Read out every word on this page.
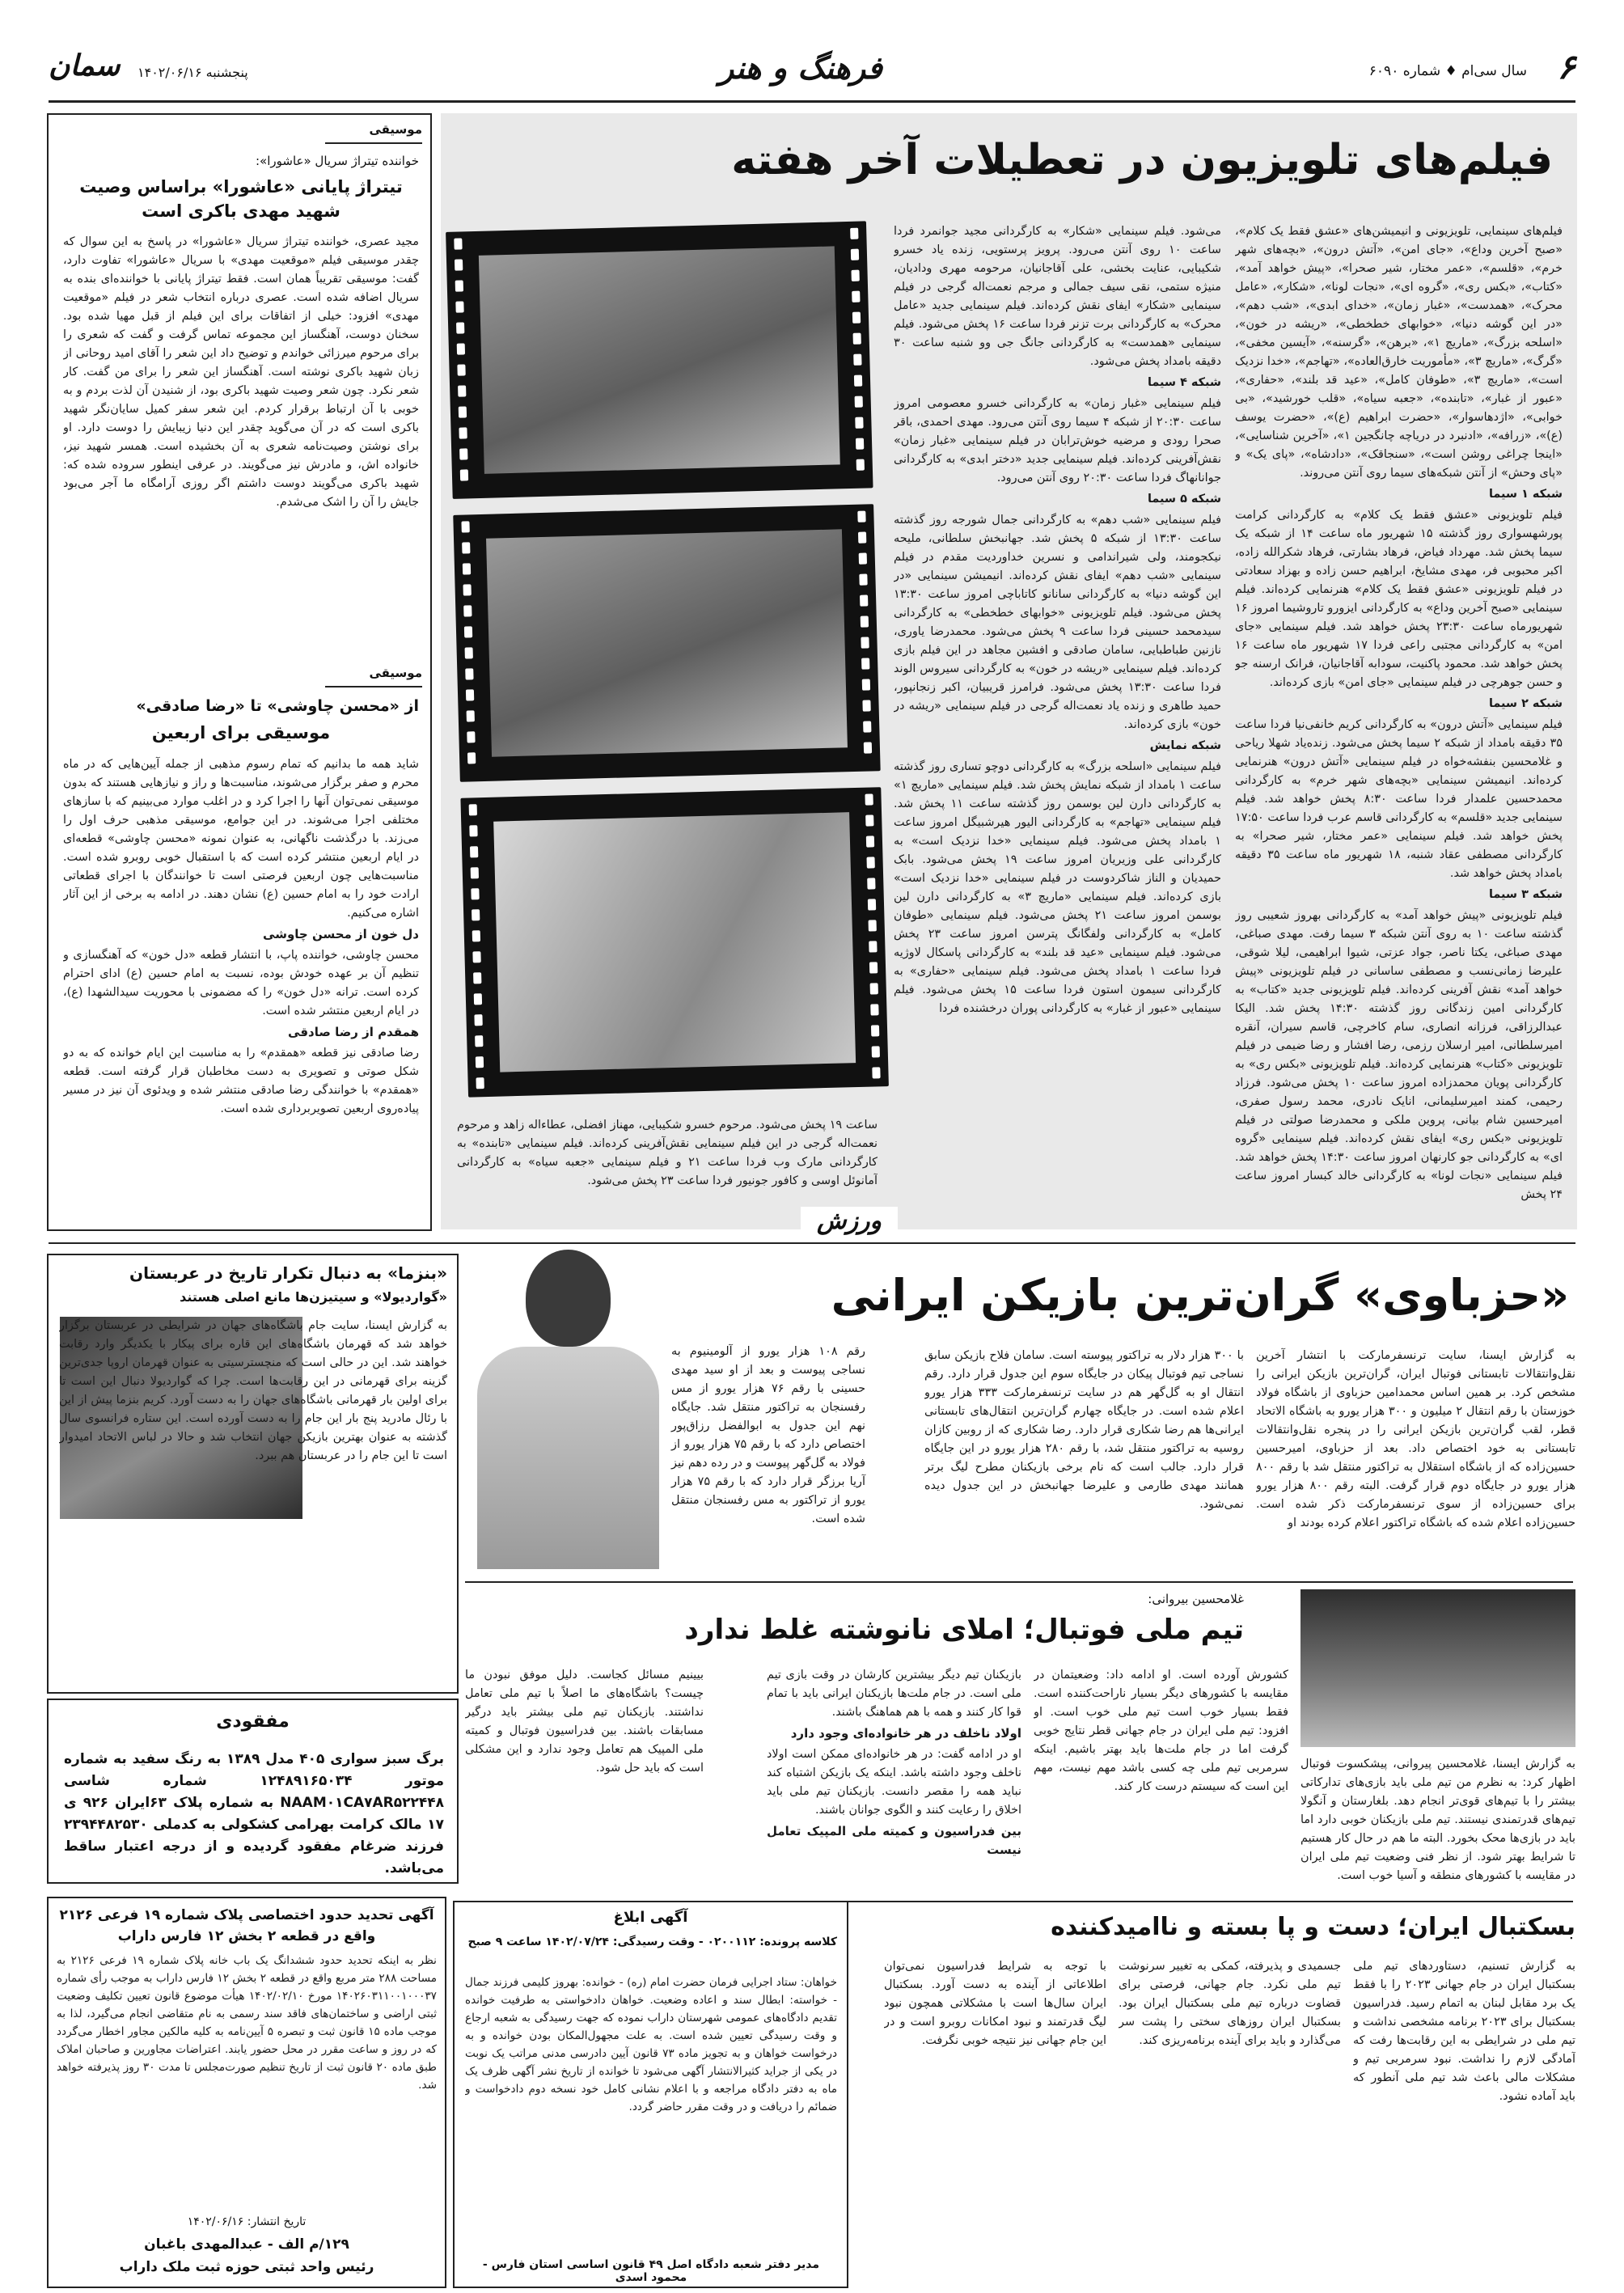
۶
سال سی‌ام ♦ شماره ۶۰۹۰
فرهنگ و هنر
پنجشنبه ۱۴۰۲/۰۶/۱۶
سمان
فیلم‌های تلویزیون در تعطیلات آخر هفته

فیلم‌های سینمایی، تلویزیونی و انیمیشن‌های «عشق فقط یک کلام»، «صبح آخرین وداع»، «جای امن»، «آتش درون»، «بچه‌های شهر خرم»، «قلسم»، «عمر مختار، شیر صحرا»، «پیش خواهد آمد»، «کتاب»، «بکس ری»، «گروه ای»، «نجات لونا»، «شکار»، «عامل محرک»، «همدست»، «غبار زمان»، «خدای ابدی»، «شب دهم»، «در این گوشه دنیا»، «خوابهای خطخطی»، «ریشه در خون»، «اسلحه بزرگ»، «ماریچ ۱»، «برهن»، «گرسنه»، «آیسین مخفی»، «گرگ»، «ماریچ ۳»، «مأموریت خارق‌العاده»، «تهاجم»، «خدا نزدیک است»، «ماریچ ۳»، «طوفان کامل»، «عید قد بلند»، «حفاری»، «عبور از غبار»، «تابنده»، «جعبه سیاه»، «قلب خورشید»، «بی خوابی»، «اژدهاسوار»، «حضرت ابراهیم (ع)»، «حضرت یوسف (ع)»، «زرافه»، «ادنبرد در دریاچه چانگجین ۱»، «آخرین شناسایی»، «اینجا چراغی روشن است»، «سنجاقک»، «دادشاه»، «پای یک» و «پای وحش» از آنتن شبکه‌های سیما روی آنتن می‌روند.

شبکه ۱ سیما

فیلم تلویزیونی «عشق فقط یک کلام» به کارگردانی کرامت پورشهسواری روز گذشته ۱۵ شهریور ماه ساعت ۱۴ از شبکه یک سیما پخش شد. مهرداد فیاض، فرهاد بشارتی، فرهاد شکرالله زاده، اکبر محبوبی فر، مهدی مشایخ، ابراهیم حسن زاده و بهزاد سعادتی در فیلم تلویزیونی «عشق فقط یک کلام» هنرنمایی کرده‌اند. فیلم سینمایی «صبح آخرین وداع» به کارگردانی ایزورو تاروشیما امروز ۱۶ شهریورماه ساعت ۲۳:۳۰ پخش خواهد شد. فیلم سینمایی «جای امن» به کارگردانی مجتبی راعی فردا ۱۷ شهریور ماه ساعت ۱۶ پخش خواهد شد. محمود پاکنیت، سودابه آقاجانیان، فرانک ارسنه جو و حسن جوهرچی در فیلم سینمایی «جای امن» بازی کرده‌اند.

شبکه ۲ سیما

فیلم سینمایی «آتش درون» به کارگردانی کریم خانفی‌نیا فردا ساعت ۳۵ دقیقه بامداد از شبکه ۲ سیما پخش می‌شود. زنده‌یاد شهلا ریاحی و غلامحسین بنفشه‌خواه در فیلم سینمایی «آتش درون» هنرنمایی کرده‌اند. انیمیشن سینمایی «بچه‌های شهر خرم» به کارگردانی محمدحسین علمدار فردا ساعت ۸:۳۰ پخش خواهد شد. فیلم سینمایی جدید «قلسم» به کارگردانی قاسم عرب فردا ساعت ۱۷:۵۰ پخش خواهد شد. فیلم سینمایی «عمر مختار، شیر صحرا» به کارگردانی مصطفی عقاد شنبه، ۱۸ شهریور ماه ساعت ۳۵ دقیقه بامداد پخش خواهد شد.

شبکه ۳ سیما

فیلم تلویزیونی «پیش خواهد آمد» به کارگردانی بهروز شعیبی روز گذشته ساعت ۱۰ به روی آنتن شبکه ۳ سیما رفت. مهدی صباغی، مهدی صباغی، یکتا ناصر، جواد عزتی، شیوا ابراهیمی، لیلا شوقی، علیرضا زمانی‌نسب و مصطفی ساسانی در فیلم تلویزیونی «پیش خواهد آمد» نقش آفرینی کرده‌اند. فیلم تلویزیونی جدید «کتاب» به کارگردانی امین زندگانی روز گذشته ۱۴:۳۰ پخش شد. الیکا عبدالرزاقی، فرزانه انصاری، سام کاخرچی، قاسم سیران، آنقره امیرسلطانی، امیر ارسلان رزمی، رضا افشار و رضا ضیمی در فیلم تلویزیونی «کتاب» هنرنمایی کرده‌اند. فیلم تلویزیونی «بکس ری» به کارگردانی پویان محمدزاده امروز ساعت ۱۰ پخش می‌شود. فرزاد رحیمی، کمند امیرسلیمانی، انایک نادری، محمد رسول صفری، امیرحسین شام بیانی، پروین ملکی و محمدرضا صولتی در فیلم تلویزیونی «بکس ری» ایفای نقش کرده‌اند. فیلم سینمایی «گروه ای» به کارگردانی جو کارنهان امروز ساعت ۱۴:۳۰ پخش خواهد شد. فیلم سینمایی «نجات لونا» به کارگردانی خالد کبسار امروز ساعت ۲۴ پخش

می‌شود. فیلم سینمایی «شکار» به کارگردانی مجید جوانمرد فردا ساعت ۱۰ روی آنتن می‌رود. پرویز پرستویی، زنده یاد خسرو شکیبایی، عنایت بخشی، علی آقاجانیان، مرحومه مهری ودادیان، منیژه ستمی، نقی سیف جمالی و مرجم نعمت‌اله گرجی در فیلم سینمایی «شکار» ایفای نقش کرده‌اند. فیلم سینمایی جدید «عامل محرک» به کارگردانی برت تزنر فردا ساعت ۱۶ پخش می‌شود. فیلم سینمایی «همدست» به کارگردانی جانگ جی وو شنبه ساعت ۳۰ دقیقه بامداد پخش می‌شود.

شبکه ۴ سیما

فیلم سینمایی «غبار زمان» به کارگردانی خسرو معصومی امروز ساعت ۲۰:۳۰ از شبکه ۴ سیما روی آنتن می‌رود. مهدی احمدی، باقر صحرا رودی و مرضیه خوش‌ترابان در فیلم سینمایی «غبار زمان» نقش‌آفرینی کرده‌اند. فیلم سینمایی جدید «دختر ابدی» به کارگردانی جوانانهاگ فردا ساعت ۲۰:۳۰ روی آنتن می‌رود.

شبکه ۵ سیما

فیلم سینمایی «شب دهم» به کارگردانی جمال شورجه روز گذشته ساعت ۱۳:۳۰ از شبکه ۵ پخش شد. جهانبخش سلطانی، ملیحه نیکجومند، ولی شیراندامی و نسرین خداوردیت مقدم در فیلم سینمایی «شب دهم» ایفای نقش کرده‌اند. انیمیشن سینمایی «در این گوشه دنیا» به کارگردانی سانانو کاتاباچی امروز ساعت ۱۳:۳۰ پخش می‌شود. فیلم تلویزیونی «خوابهای خطخطی» به کارگردانی سیدمحمد حسینی فردا ساعت ۹ پخش می‌شود. محمدرضا یاوری، نازنین طباطبایی، سامان صادقی و افشین مجاهد در این فیلم بازی کرده‌اند. فیلم سینمایی «ریشه در خون» به کارگردانی سیروس الوند فردا ساعت ۱۳:۳۰ پخش می‌شود. فرامرز قریبیان، اکبر زنجانپور، حمید طاهری و زنده یاد نعمت‌اله گرجی در فیلم سینمایی «ریشه در خون» بازی کرده‌اند.

شبکه نمایش

فیلم سینمایی «اسلحه بزرگ» به کارگردانی دوچو تساری روز گذشته ساعت ۱ بامداد از شبکه نمایش پخش شد. فیلم سینمایی «ماریچ ۱» به کارگردانی دارن لین بوسمن روز گذشته ساعت ۱۱ پخش شد. فیلم سینمایی «تهاجم» به کارگردانی الیور هیرشبیگل امروز ساعت ۱ بامداد پخش می‌شود. فیلم سینمایی «خدا نزدیک است» به کارگردانی علی وزیریان امروز ساعت ۱۹ پخش می‌شود. بابک حمیدیان و الناز شاکردوست در فیلم سینمایی «خدا نزدیک است» بازی کرده‌اند. فیلم سینمایی «ماریچ ۳» به کارگردانی دارن لین بوسمن امروز ساعت ۲۱ پخش می‌شود. فیلم سینمایی «طوفان کامل» به کارگردانی ولفگانگ پترسن امروز ساعت ۲۳ پخش می‌شود. فیلم سینمایی «عید قد بلند» به کارگردانی پاسکال لاوژیه فردا ساعت ۱ بامداد پخش می‌شود. فیلم سینمایی «حفاری» به کارگردانی سیمون استون فردا ساعت ۱۵ پخش می‌شود. فیلم سینمایی «عبور از غبار» به کارگردانی پوران درخشنده فردا

ساعت ۱۹ پخش می‌شود. مرحوم خسرو شکیبایی، مهناز افضلی، عطاءاله زاهد و مرحوم نعمت‌اله گرجی در این فیلم سینمایی نقش‌آفرینی کرده‌اند. فیلم سینمایی «تابنده» به کارگردانی مارک وب فردا ساعت ۲۱ و فیلم سینمایی «جعبه سیاه» به کارگردانی آمانوئل اوسی و کافور جونیور فردا ساعت ۲۳ پخش می‌شود.

موسیقی
خواننده تیتراژ سریال «عاشورا»:
تیتراژ پایانی «عاشورا» براساس وصیت شهید مهدی باکری است
مجید عصری، خواننده تیتراژ سریال «عاشورا» در پاسخ به این سوال که چقدر موسیقی فیلم «موقعیت مهدی» با سریال «عاشورا» تفاوت دارد، گفت: موسیقی تقریباً همان است. فقط تیتراژ پایانی با خواننده‌ای بنده به سریال اضافه شده است. عصری درباره انتخاب شعر در فیلم «موقعیت مهدی» افزود: خیلی از اتفاقات برای این فیلم از قبل مهیا شده بود. سخنان دوست، آهنگساز این مجموعه تماس گرفت و گفت که شعری را برای مرحوم میرزائی خواندم و توضیح داد این شعر را آقای امید روحانی از زبان شهید باکری نوشته است. آهنگساز این شعر را برای من گفت. کار شعر نکرد. چون شعر وصیت شهید باکری بود، از شنیدن آن لذت بردم و به خوبی با آن ارتباط برقرار کردم. این شعر سفر کمیل سایان‌نگر شهید باکری است که در آن می‌گوید چقدر این دنیا زیبایش را دوست دارد. او برای نوشتن وصیت‌نامه شعری به آن بخشیده است. همسر شهید نیز، خانواده اش، و مادرش نیز می‌گویند. در عرفی اینطور سروده شده که: شهید باکری می‌گویند دوست داشتم اگر روزی آرامگاه ما آجر می‌بود جایش را آن را اشک می‌شدم.
موسیقی
از «محسن چاوشی» تا «رضا صادقی»
موسیقی برای اربعین

شاید همه ما بدانیم که تمام رسوم مذهبی از جمله آیین‌هایی که در ماه محرم و صفر برگزار می‌شوند، مناسبت‌ها و راز و نیازهایی هستند که بدون موسیقی نمی‌توان آنها را اجرا کرد و در اغلب موارد می‌بینیم که با سازهای مختلفی اجرا می‌شوند. در این جوامع، موسیقی مذهبی حرف اول را می‌زند. با درگذشت ناگهانی، به عنوان نمونه «محسن چاوشی» قطعه‌ای در ایام اربعین منتشر کرده است که با استقبال خوبی روبرو شده است. مناسبت‌هایی چون اربعین فرصتی است تا خوانندگان با اجرای قطعاتی ارادت خود را به امام حسین (ع) نشان دهند. در ادامه به برخی از این آثار اشاره می‌کنیم.

دل خون از محسن چاوشی

محسن چاوشی، خواننده پاپ، با انتشار قطعه «دل خون» که آهنگسازی و تنظیم آن بر عهده خودش بوده، نسبت به امام حسین (ع) ادای احترام کرده است. ترانه «دل خون» را که مضمونی با محوریت سیدالشهدا (ع)، در ایام اربعین منتشر شده است.

همقدم از رضا صادقی

رضا صادقی نیز قطعه «همقدم» را به مناسبت این ایام خوانده که به دو شکل صوتی و تصویری به دست مخاطبان قرار گرفته است. قطعه «همقدم» با خوانندگی رضا صادقی منتشر شده و ویدئوی آن نیز در مسیر پیاده‌روی اربعین تصویربرداری شده است.

ورزش
«حزباوی» گران‌ترین بازیکن ایرانی
به گزارش ایسنا، سایت ترنسفرمارکت با انتشار آخرین نقل‌وانتقالات تابستانی فوتبال ایران، گران‌ترین بازیکن ایرانی را مشخص کرد. بر همین اساس محمدامین حزباوی از باشگاه فولاد خوزستان با رقم انتقال ۲ میلیون و ۳۰۰ هزار یورو به باشگاه الاتحاد قطر، لقب گران‌ترین بازیکن ایرانی را در پنجره نقل‌وانتقالات تابستانی به خود اختصاص داد. بعد از حزباوی، امیرحسین حسین‌زاده که از باشگاه استقلال به تراکتور منتقل شد با رقم ۸۰۰ هزار یورو در جایگاه دوم قرار گرفت. البته رقم ۸۰۰ هزار یورو برای حسین‌زاده از سوی ترنسفرمارکت ذکر شده است. حسین‌زاده اعلام شده که باشگاه تراکتور اعلام کرده بودند او
با ۳۰۰ هزار دلار به تراکتور پیوسته است. سامان فلاح بازیکن سابق نساجی تیم فوتبال پیکان در جایگاه سوم این جدول قرار دارد. رقم انتقال او به گل‌گهر هم در سایت ترنسفرمارکت ۳۳۳ هزار یورو اعلام شده است. در جایگاه چهارم گران‌ترین انتقال‌های تابستانی ایرانی‌ها هم رضا شکاری قرار دارد. رضا شکاری که از روبین کازان روسیه به تراکتور منتقل شد، با رقم ۲۸۰ هزار یورو در این جایگاه قرار دارد. جالب است که نام برخی بازیکنان مطرح لیگ برتر همانند مهدی طارمی و علیرضا جهانبخش در این جدول دیده نمی‌شود.
رقم ۱۰۸ هزار یورو از آلومینیوم به نساجی پیوست و بعد از او سید مهدی حسینی با رقم ۷۶ هزار یورو از مس رفسنجان به تراکتور منتقل شد. جایگاه نهم این جدول به ابوالفضل رزاق‌پور اختصاص دارد که با رقم ۷۵ هزار یورو از فولاد به گل‌گهر پیوست و در رده دهم نیز آریا برزگر قرار دارد که با رقم ۷۵ هزار یورو از تراکتور به مس رفسنجان منتقل شده است.
«بنزما» به دنبال تکرار تاریخ در عربستان
«گواردیولا» و سیتیزن‌ها مانع اصلی هستند
به گزارش ایسنا، سایت جام باشگاه‌های جهان در شرایطی در عربستان برگزار خواهد شد که قهرمان باشگاه‌های این قاره برای پیکار با یکدیگر وارد رقابت خواهند شد. این در حالی است که منچسترسیتی به عنوان قهرمان اروپا جدی‌ترین گزینه برای قهرمانی در این رقابت‌ها است. چرا که گواردیولا دنبال این است تا برای اولین بار قهرمانی باشگاه‌های جهان را به دست آورد. کریم بنزما پیش از این با رئال مادرید پنج بار این جام را به دست آورده است. این ستاره فرانسوی سال گذشته به عنوان بهترین بازیکن جهان انتخاب شد و حالا در لباس الاتحاد امیدوار است تا این جام را در عربستان هم ببرد.
مفقودی
برگ سبز سواری ۴۰۵ مدل ۱۳۸۹ به رنگ سفید به شماره موتور ۱۲۴۸۹۱۶۵۰۳۴ شماره شاسی NAAM۰۱CA۷AR۵۲۲۴۴۸ به شماره پلاک ۶۳ایران ۹۲۶ ی ۱۷ مالک کرامت بهرامی کشکولی به کدملی ۲۳۹۴۴۸۲۵۳۰ فرزند ضرغام مفقود گردیده و از درجه اعتبار ساقط می‌باشد.
غلامحسین بیروانی:
تیم ملی فوتبال؛ املای نانوشته غلط ندارد
به گزارش ایسنا، غلامحسین پیروانی، پیشکسوت فوتبال اظهار کرد: به نظرم من تیم ملی باید بازی‌های تدارکاتی بیشتر را با تیم‌های قوی‌تر انجام دهد. بلغارستان و آنگولا تیم‌های قدرتمندی نیستند. تیم ملی بازیکنان خوبی دارد اما باید در بازی‌ها محک بخورد. البته ما هم در حال کار هستیم تا شرایط بهتر شود. از نظر فنی وضعیت تیم ملی ایران در مقایسه با کشورهای منطقه و آسیا خوب است.
کشورش آورده است. او ادامه داد: وضعیتمان در مقایسه با کشورهای دیگر بسیار ناراحت‌کننده است. فقط بسیار خوب است تیم ملی خوب است. او افزود: تیم ملی ایران در جام جهانی قطر نتایج خوبی گرفت اما در جام ملت‌ها باید بهتر باشیم. اینکه سرمربی تیم ملی چه کسی باشد مهم نیست، مهم این است که سیستم درست کار کند.

بازیکنان تیم دیگر بیشترین کارشان در وقت بازی تیم ملی است. در جام ملت‌ها بازیکنان ایرانی باید با تمام قوا کار کنند و همه با هم هماهنگ باشند.

اولاد ناخلف در هر خانواده‌ای وجود دارد

او در ادامه گفت: در هر خانواده‌ای ممکن است اولاد ناخلف وجود داشته باشد. اینکه یک بازیکن اشتباه کند نباید همه را مقصر دانست. بازیکنان تیم ملی باید اخلاق را رعایت کنند و الگوی جوانان باشند.

بین فدراسیون و کمیته ملی المپیک تعامل نیست

بیینیم مسائل کجاست. دلیل موفق نبودن ما چیست؟ باشگاه‌های ما اصلاً با تیم ملی تعامل نداشتند. بازیکنان تیم ملی بیشتر باید درگیر مسابقات باشند. بین فدراسیون فوتبال و کمیته ملی المپیک هم تعامل وجود ندارد و این مشکلی است که باید حل شود.
بسکتبال ایران؛ دست و پا بسته و ناامیدکننده
به گزارش تسنیم، دستاوردهای تیم ملی بسکتبال ایران در جام جهانی ۲۰۲۳ را با فقط یک برد مقابل لبنان به اتمام رسید. فدراسیون بسکتبال برای ۲۰۲۳ برنامه مشخصی نداشت و تیم ملی در شرایطی به این رقابت‌ها رفت که آمادگی لازم را نداشت. نبود سرمربی تیم و مشکلات مالی باعث شد تیم ملی آنطور که باید آماده نشود.
جسمیدی و پذیرفته، کمکی به تغییر سرنوشت تیم ملی نکرد. جام جهانی، فرصتی برای قضاوت درباره تیم ملی بسکتبال ایران بود. بسکتبال ایران روزهای سختی را پشت سر می‌گذارد و باید برای آینده برنامه‌ریزی کند.
با توجه به شرایط فدراسیون نمی‌توان اطلاعاتی از آینده به دست آورد. بسکتبال ایران سال‌ها است با مشکلاتی همچون نبود لیگ قدرتمند و نبود امکانات روبرو است و در این جام جهانی نیز نتیجه خوبی نگرفت.
آگهی ابلاغ
کلاسه پرونده: ۰۲۰۰۱۱۲ - وقت رسیدگی: ۱۴۰۲/۰۷/۲۴ ساعت ۹ صبح
خواهان: ستاد اجرایی فرمان حضرت امام (ره) - خوانده: بهروز کلیمی فرزند جمال - خواسته: ابطال سند و اعاده وضعیت. خواهان دادخواستی به طرفیت خوانده تقدیم دادگاه‌های عمومی شهرستان داراب نموده که جهت رسیدگی به شعبه ارجاع و وقت رسیدگی تعیین شده است. به علت مجهول‌المکان بودن خوانده و به درخواست خواهان و به تجویز ماده ۷۳ قانون آیین دادرسی مدنی مراتب یک نوبت در یکی از جراید کثیرالانتشار آگهی می‌شود تا خوانده از تاریخ نشر آگهی ظرف یک ماه به دفتر دادگاه مراجعه و با اعلام نشانی کامل خود نسخه دوم دادخواست و ضمائم را دریافت و در وقت مقرر حاضر گردد.
مدیر دفتر شعبه دادگاه اصل ۴۹ قانون اساسی استان فارس - محمود اسدی
آگهی تحدید حدود اختصاصی پلاک شماره ۱۹ فرعی ۲۱۲۶ واقع در قطعه ۲ بخش ۱۲ فارس داراب
نظر به اینکه تحدید حدود ششدانگ یک باب خانه پلاک شماره ۱۹ فرعی ۲۱۲۶ به مساحت ۲۸۸ متر مربع واقع در قطعه ۲ بخش ۱۲ فارس داراب به موجب رأی شماره ۱۴۰۲۶۰۳۱۱۰۰۱۰۰۰۳۷ مورخ ۱۴۰۲/۰۲/۱۰ هیأت موضوع قانون تعیین تکلیف وضعیت ثبتی اراضی و ساختمان‌های فاقد سند رسمی به نام متقاضی انجام می‌گیرد، لذا به موجب ماده ۱۵ قانون ثبت و تبصره ۵ آیین‌نامه به کلیه مالکین مجاور اخطار می‌گردد که در روز و ساعت مقرر در محل حضور یابند. اعتراضات مجاورین و صاحبان املاک طبق ماده ۲۰ قانون ثبت از تاریخ تنظیم صورت‌مجلس تا مدت ۳۰ روز پذیرفته خواهد شد.
تاریخ انتشار: ۱۴۰۲/۰۶/۱۶
۱۲۹/م الف - عبدالمهدی باغبان
رئیس واحد ثبتی حوزه ثبت ملک داراب
